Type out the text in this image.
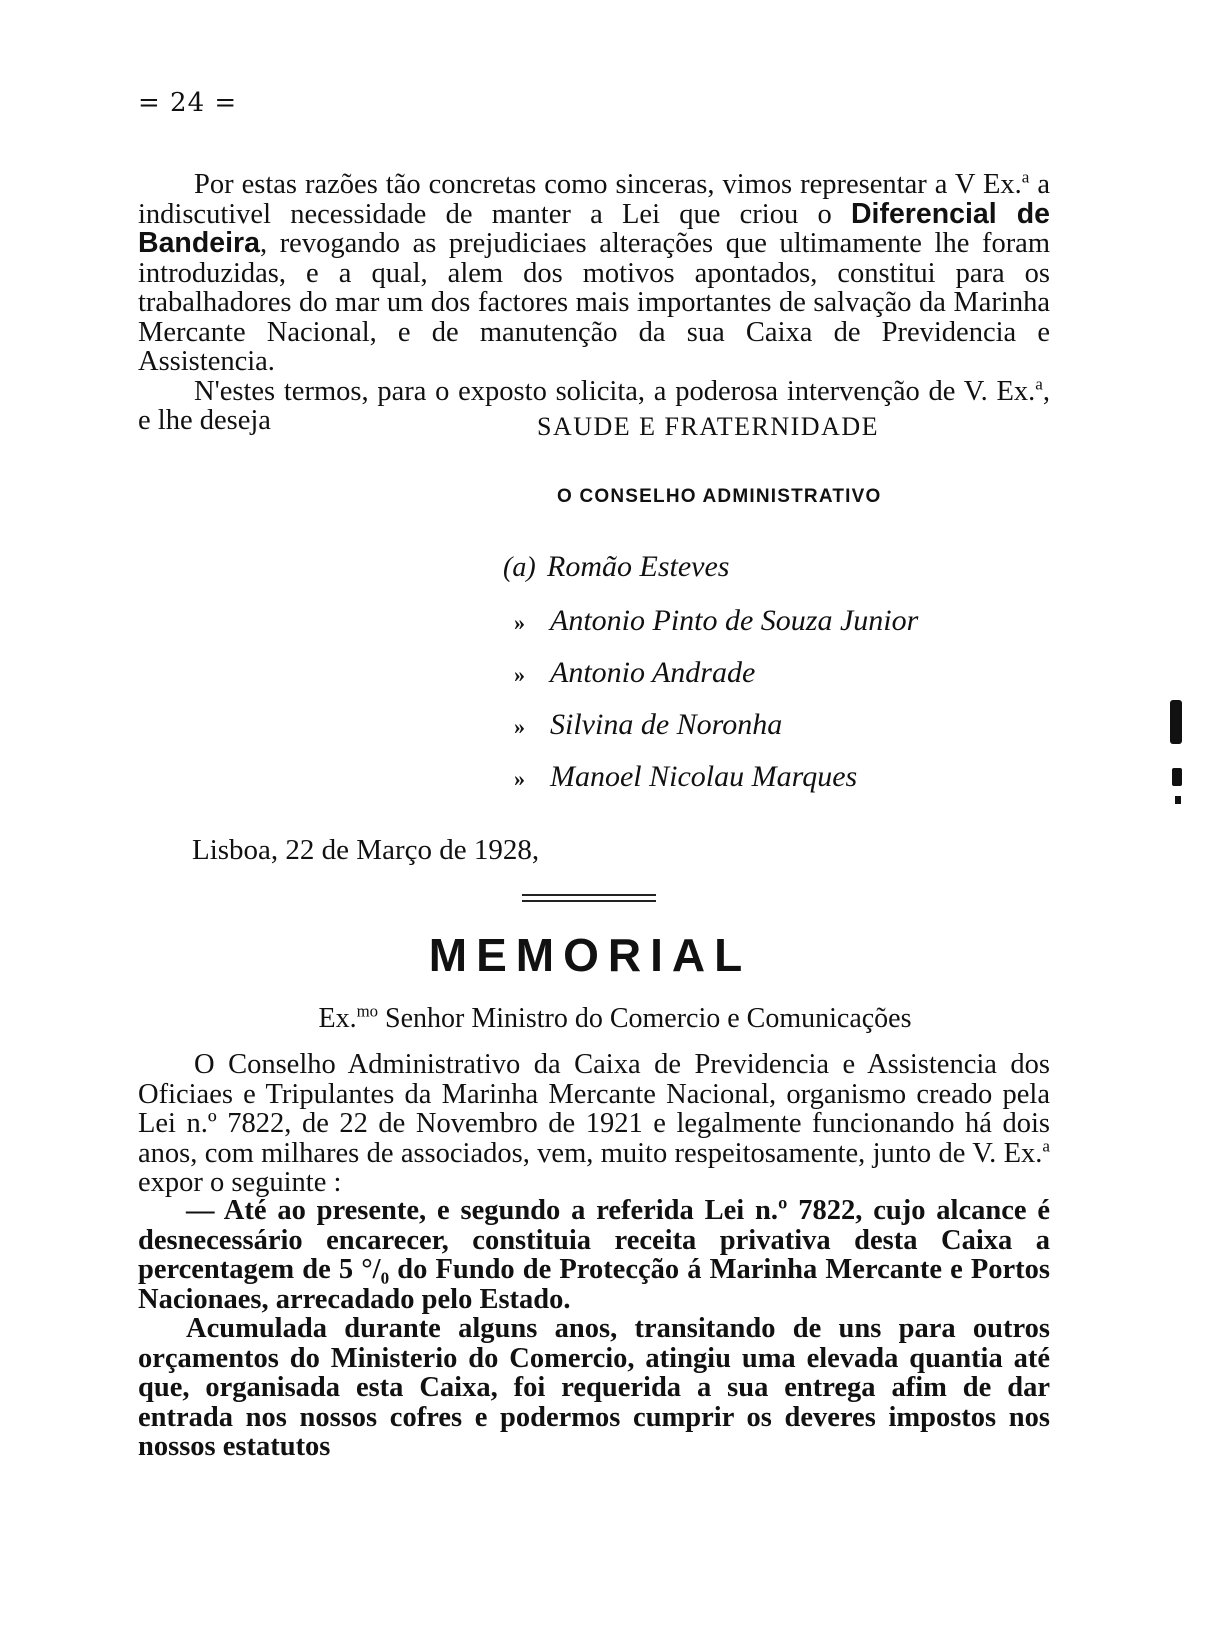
= 24 =

Por estas razões tão concretas como sinceras, vimos representar a V Ex.$^a$ a indiscutivel necessidade de manter a Lei que criou o Diferencial de Bandeira, revogando as prejudiciaes alterações que ultimamente lhe foram introduzidas, e a qual, alem dos motivos apontados, constitui para os trabalhadores do mar um dos factores mais importantes de salvação da Marinha Mercante Nacional, e de manutenção da sua Caixa de Previdencia e Assistencia.

N'estes termos, para o exposto solicita, a poderosa intervenção de V. Ex.$^a$, e lhe deseja	SAUDE E FRATERNIDADE
O CONSELHO ADMINISTRATIVO
(a) Romão Esteves
» Antonio Pinto de Souza Junior
» Antonio Andrade
» Silvina de Noronha
» Manoel Nicolau Marques
Lisboa, 22 de Março de 1928,
MEMORIAL
Ex.$^{mo}$ Senhor Ministro do Comercio e Comunicações

O Conselho Administrativo da Caixa de Previdencia e Assistencia dos Oficiaes e Tripulantes da Marinha Mercante Nacional, organismo creado pela Lei n.º 7822, de 22 de Novembro de 1921 e legalmente funcionando há dois anos, com milhares de associados, vem, muito respeitosamente, junto de V. Ex.$^a$ expor o seguinte :

— Até ao presente, e segundo a referida Lei n.º 7822, cujo alcance é desnecessário encarecer, constituia receita privativa desta Caixa a percentagem de 5 °/₀ do Fundo de Protecção á Marinha Mercante e Portos Nacionaes, arrecadado pelo Estado.

Acumulada durante alguns anos, transitando de uns para outros orçamentos do Ministerio do Comercio, atingiu uma elevada quantia até que, organisada esta Caixa, foi requerida a sua entrega afim de dar entrada nos nossos cofres e podermos cumprir os deveres impostos nos nossos estatutos
